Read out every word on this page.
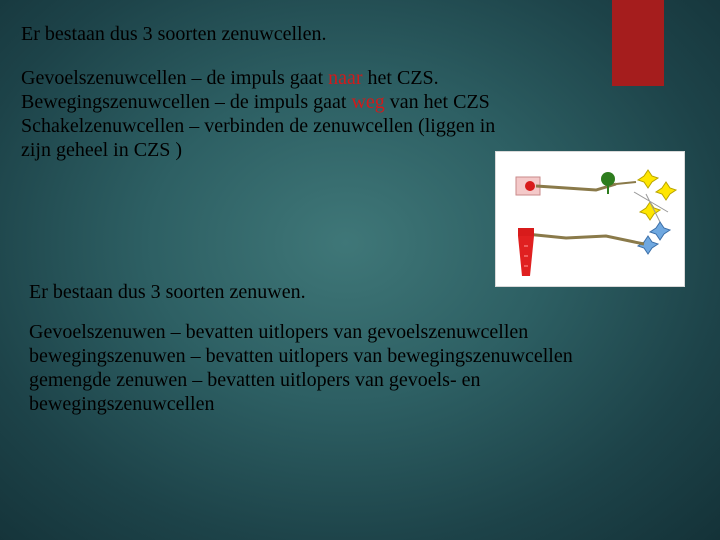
Er bestaan dus 3 soorten zenuwcellen.
Gevoelszenuwcellen – de impuls gaat naar het CZS.
Bewegingszenuwcellen – de impuls gaat weg van het CZS
Schakelzenuwcellen – verbinden de zenuwcellen (liggen in
zijn geheel in CZS )
Er bestaan dus 3 soorten zenuwen.
Gevoelszenuwen – bevatten uitlopers van gevoelszenuwcellen
bewegingszenuwen – bevatten uitlopers van bewegingszenuwcellen
gemengde zenuwen – bevatten uitlopers van gevoels- en
bewegingszenuwcellen
